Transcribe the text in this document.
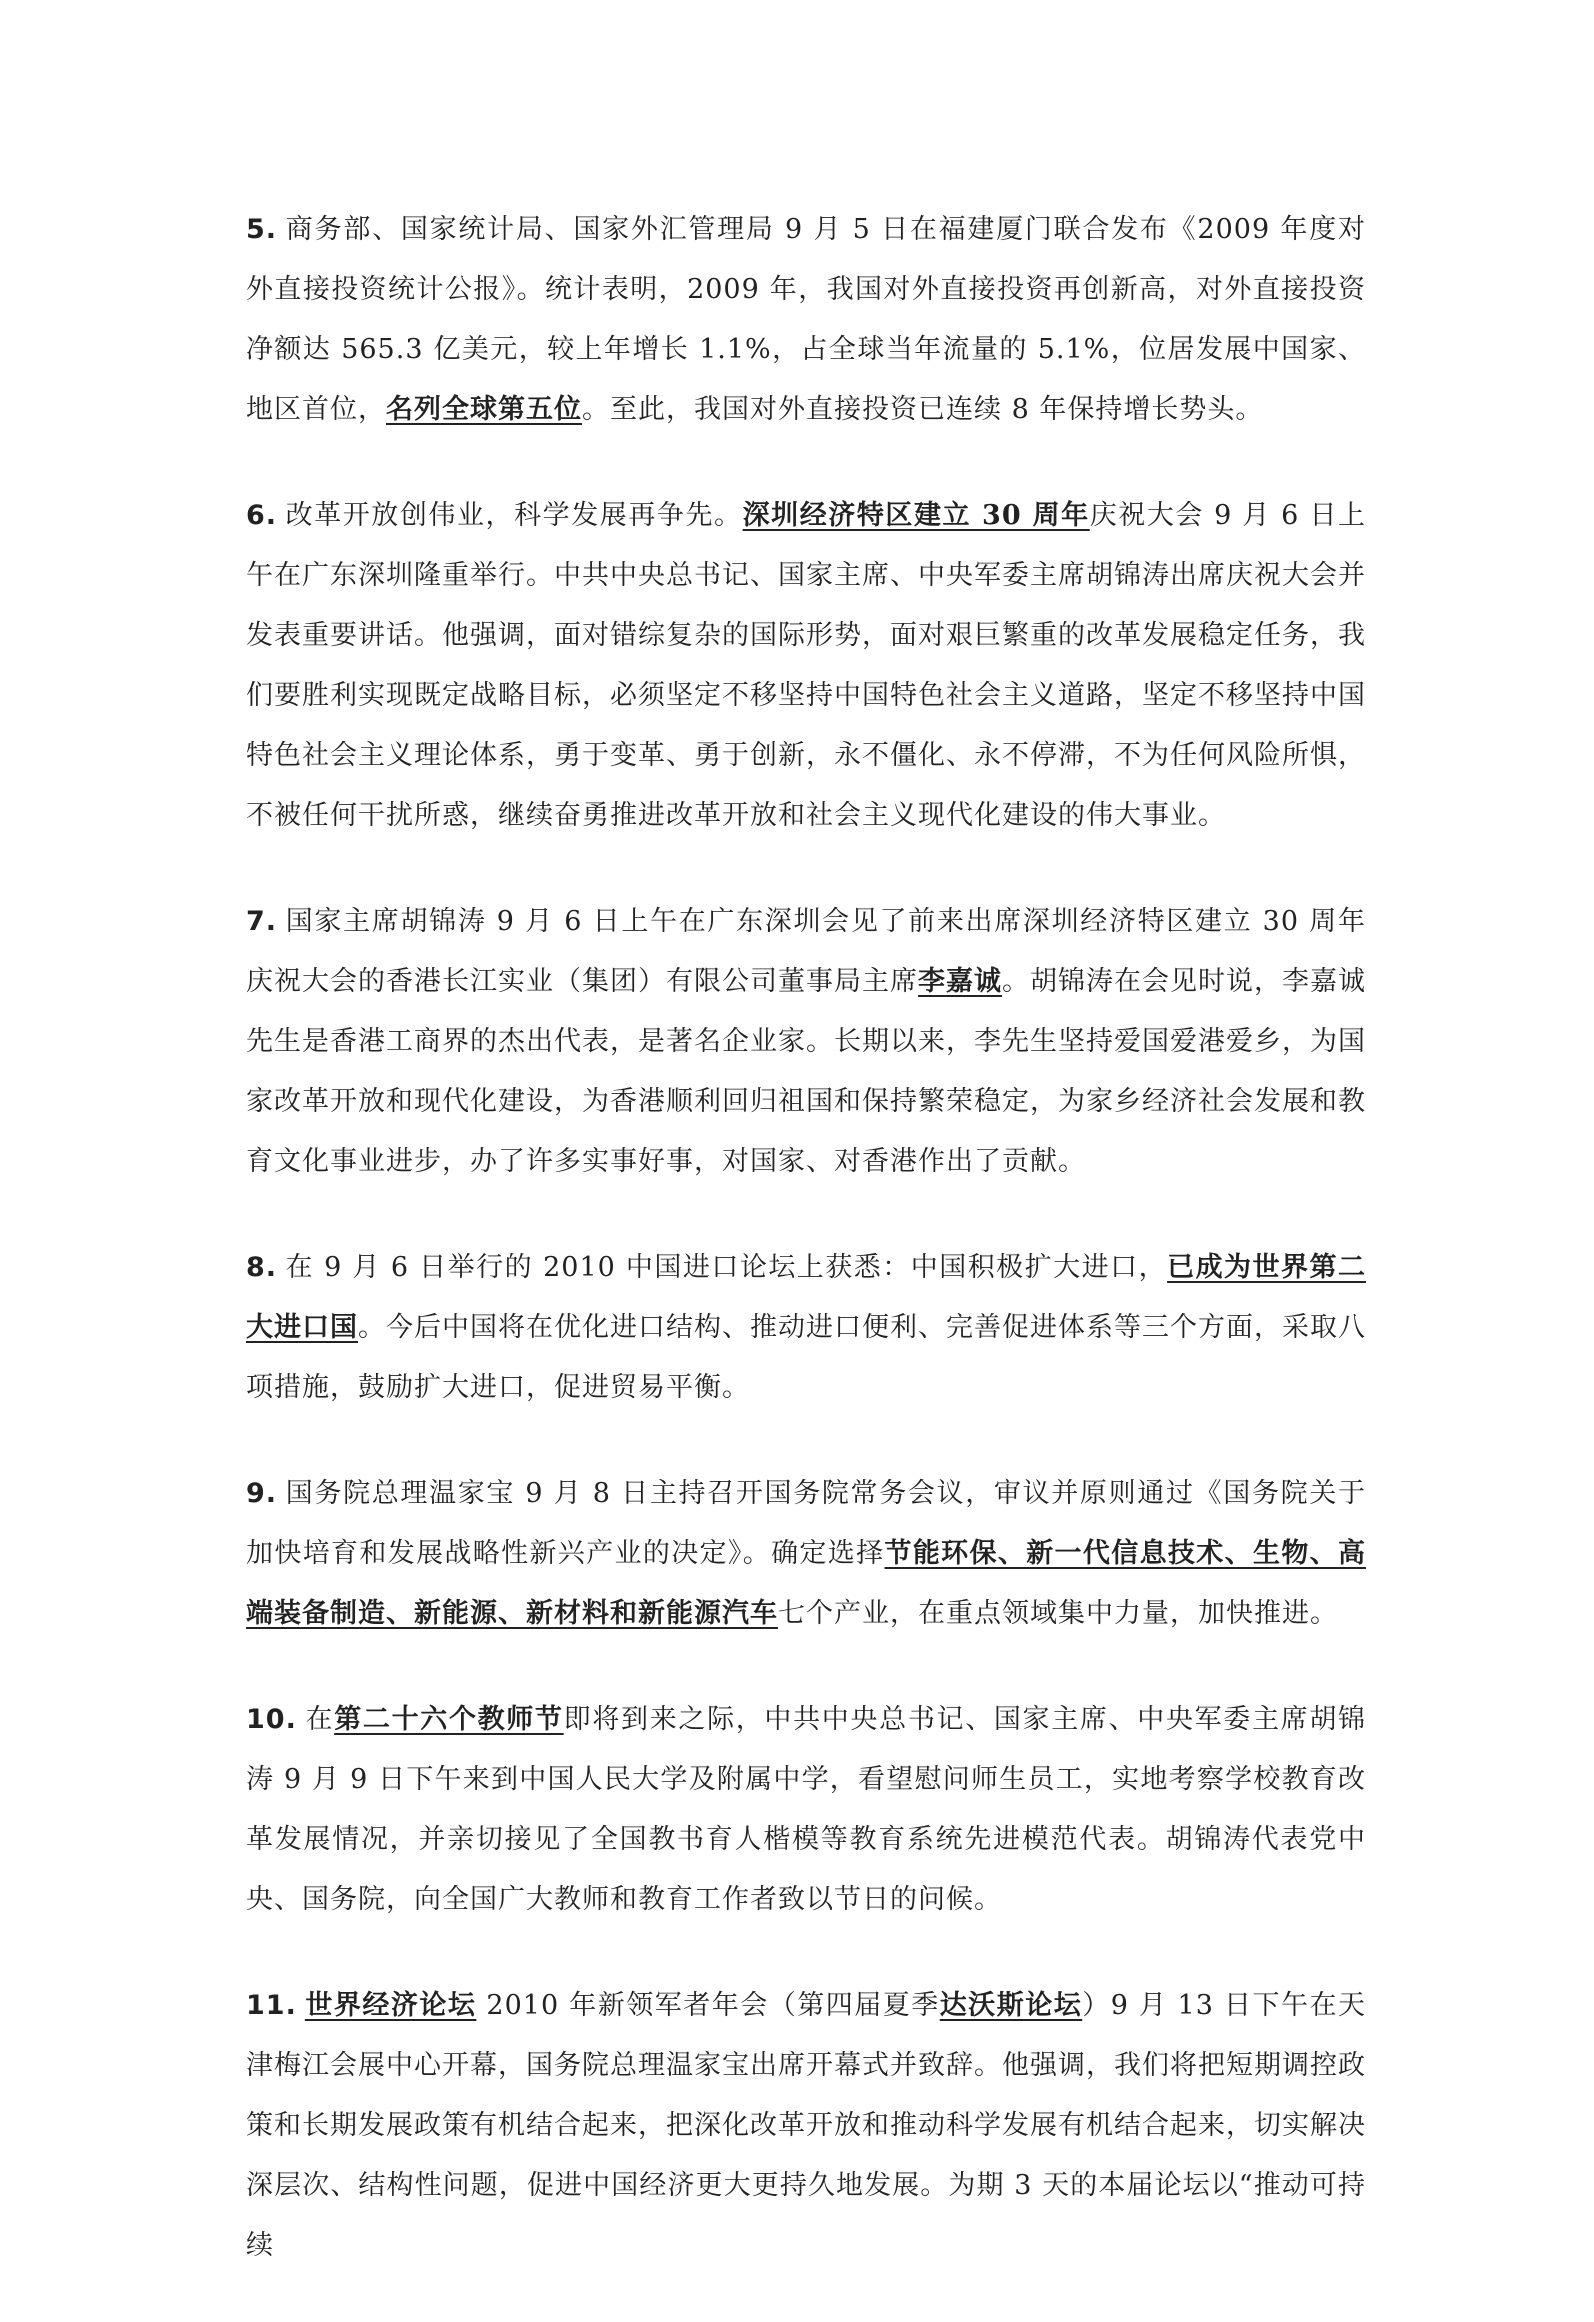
5. 商务部、国家统计局、国家外汇管理局 9 月 5 日在福建厦门联合发布《2009 年度对外直接投资统计公报》。统计表明，2009 年，我国对外直接投资再创新高，对外直接投资净额达 565.3 亿美元，较上年增长 1.1%，占全球当年流量的 5.1%，位居发展中国家、地区首位，名列全球第五位。至此，我国对外直接投资已连续 8 年保持增长势头。

6. 改革开放创伟业，科学发展再争先。深圳经济特区建立 30 周年庆祝大会 9 月 6 日上午在广东深圳隆重举行。中共中央总书记、国家主席、中央军委主席胡锦涛出席庆祝大会并发表重要讲话。他强调，面对错综复杂的国际形势，面对艰巨繁重的改革发展稳定任务，我们要胜利实现既定战略目标，必须坚定不移坚持中国特色社会主义道路，坚定不移坚持中国特色社会主义理论体系，勇于变革、勇于创新，永不僵化、永不停滞，不为任何风险所惧，不被任何干扰所惑，继续奋勇推进改革开放和社会主义现代化建设的伟大事业。

7. 国家主席胡锦涛 9 月 6 日上午在广东深圳会见了前来出席深圳经济特区建立 30 周年庆祝大会的香港长江实业（集团）有限公司董事局主席李嘉诚。胡锦涛在会见时说，李嘉诚先生是香港工商界的杰出代表，是著名企业家。长期以来，李先生坚持爱国爱港爱乡，为国家改革开放和现代化建设，为香港顺利回归祖国和保持繁荣稳定，为家乡经济社会发展和教育文化事业进步，办了许多实事好事，对国家、对香港作出了贡献。

8. 在 9 月 6 日举行的 2010 中国进口论坛上获悉：中国积极扩大进口，已成为世界第二大进口国。今后中国将在优化进口结构、推动进口便利、完善促进体系等三个方面，采取八项措施，鼓励扩大进口，促进贸易平衡。

9. 国务院总理温家宝 9 月 8 日主持召开国务院常务会议，审议并原则通过《国务院关于加快培育和发展战略性新兴产业的决定》。确定选择节能环保、新一代信息技术、生物、高端装备制造、新能源、新材料和新能源汽车七个产业，在重点领域集中力量，加快推进。

10. 在第二十六个教师节即将到来之际，中共中央总书记、国家主席、中央军委主席胡锦涛 9 月 9 日下午来到中国人民大学及附属中学，看望慰问师生员工，实地考察学校教育改革发展情况，并亲切接见了全国教书育人楷模等教育系统先进模范代表。胡锦涛代表党中央、国务院，向全国广大教师和教育工作者致以节日的问候。

11. 世界经济论坛 2010 年新领军者年会（第四届夏季达沃斯论坛）9 月 13 日下午在天津梅江会展中心开幕，国务院总理温家宝出席开幕式并致辞。他强调，我们将把短期调控政策和长期发展政策有机结合起来，把深化改革开放和推动科学发展有机结合起来，切实解决深层次、结构性问题，促进中国经济更大更持久地发展。为期 3 天的本届论坛以“推动可持续
